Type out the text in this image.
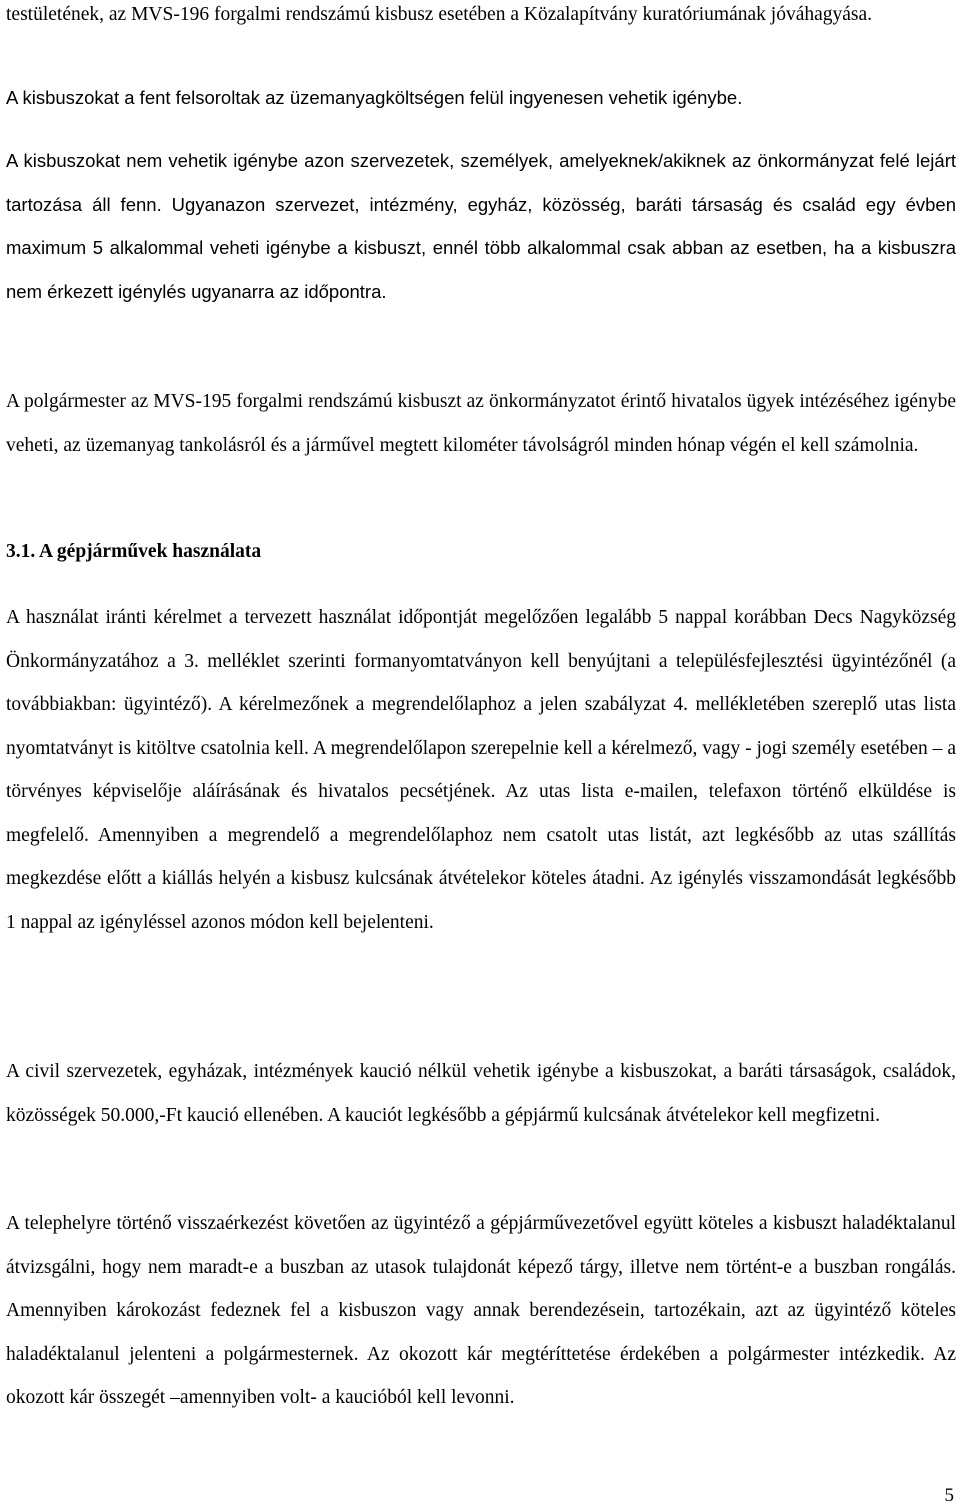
testületének, az MVS-196 forgalmi rendszámú kisbusz esetében a Közalapítvány kuratóriumának jóváhagyása.

A kisbuszokat a fent felsoroltak az üzemanyagköltségen felül ingyenesen vehetik igénybe.

A kisbuszokat nem vehetik igénybe azon szervezetek, személyek, amelyeknek/akiknek az önkormányzat felé lejárt tartozása áll fenn. Ugyanazon szervezet, intézmény, egyház, közösség, baráti társaság és család egy évben maximum 5 alkalommal veheti igénybe a kisbuszt, ennél több alkalommal csak abban az esetben, ha a kisbuszra nem érkezett igénylés ugyanarra az időpontra.

A polgármester az MVS-195 forgalmi rendszámú kisbuszt az önkormányzatot érintő hivatalos ügyek intézéséhez igénybe veheti, az üzemanyag tankolásról és a járművel megtett kilométer távolságról minden hónap végén el kell számolnia.

3.1. A gépjárművek használata

A használat iránti kérelmet a tervezett használat időpontját megelőzően legalább 5 nappal korábban Decs Nagyközség Önkormányzatához a 3. melléklet szerinti formanyomtatványon kell benyújtani a településfejlesztési ügyintézőnél (a továbbiakban: ügyintéző). A kérelmezőnek a megrendelőlaphoz a jelen szabályzat 4. mellékletében szereplő utas lista nyomtatványt is kitöltve csatolnia kell. A megrendelőlapon szerepelnie kell a kérelmező, vagy - jogi személy esetében – a törvényes képviselője aláírásának és hivatalos pecsétjének. Az utas lista e-mailen, telefaxon történő elküldése is megfelelő. Amennyiben a megrendelő a megrendelőlaphoz nem csatolt utas listát, azt legkésőbb az utas szállítás megkezdése előtt a kiállás helyén a kisbusz kulcsának átvételekor köteles átadni. Az igénylés visszamondását legkésőbb 1 nappal az igényléssel azonos módon kell bejelenteni.

A civil szervezetek, egyházak, intézmények kaució nélkül vehetik igénybe a kisbuszokat, a baráti társaságok, családok, közösségek 50.000,-Ft kaució ellenében. A kauciót legkésőbb a gépjármű kulcsának átvételekor kell megfizetni.

A telephelyre történő visszaérkezést követően az ügyintéző a gépjárművezetővel együtt köteles a kisbuszt haladéktalanul átvizsgálni, hogy nem maradt-e a buszban az utasok tulajdonát képező tárgy, illetve nem történt-e a buszban rongálás. Amennyiben károkozást fedeznek fel a kisbuszon vagy annak berendezésein, tartozékain, azt az ügyintéző köteles haladéktalanul jelenteni a polgármesternek. Az okozott kár megtéríttetése érdekében a polgármester intézkedik. Az okozott kár összegét –amennyiben volt- a kaucióból kell levonni.

5
